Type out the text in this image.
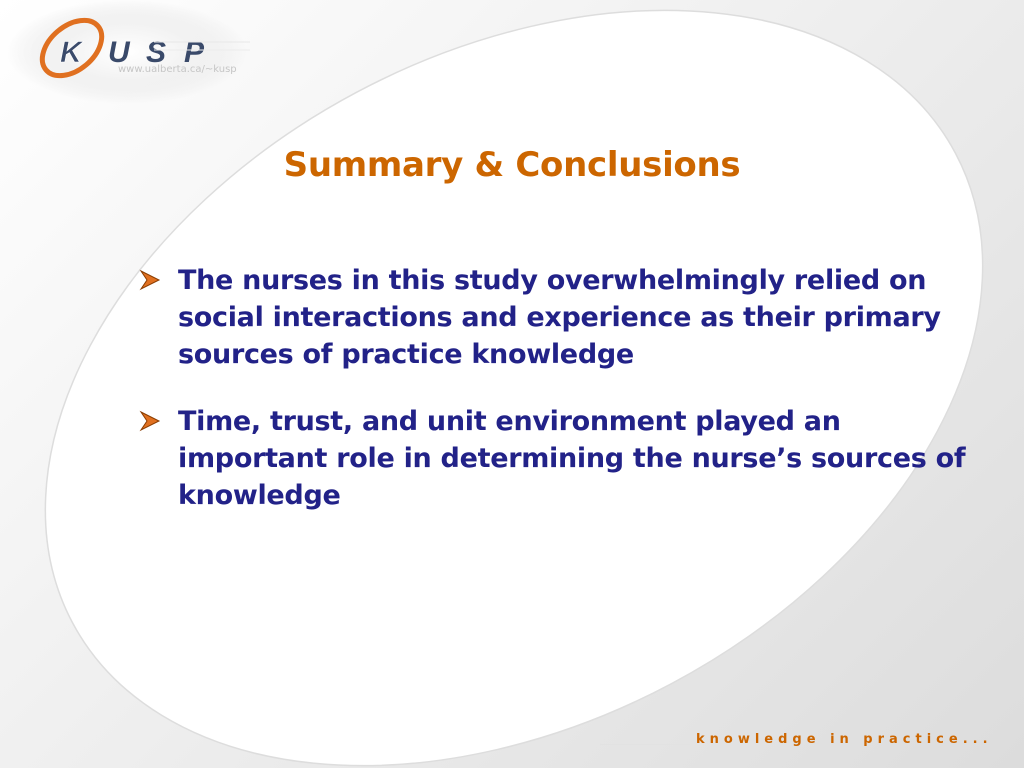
K U S P
www.ualberta.ca/~kusp
Summary & Conclusions
The nurses in this study overwhelmingly relied on social interactions and experience as their primary sources of practice knowledge
Time, trust, and unit environment played an important role in determining the nurse’s sources of knowledge
knowledge in practice...
